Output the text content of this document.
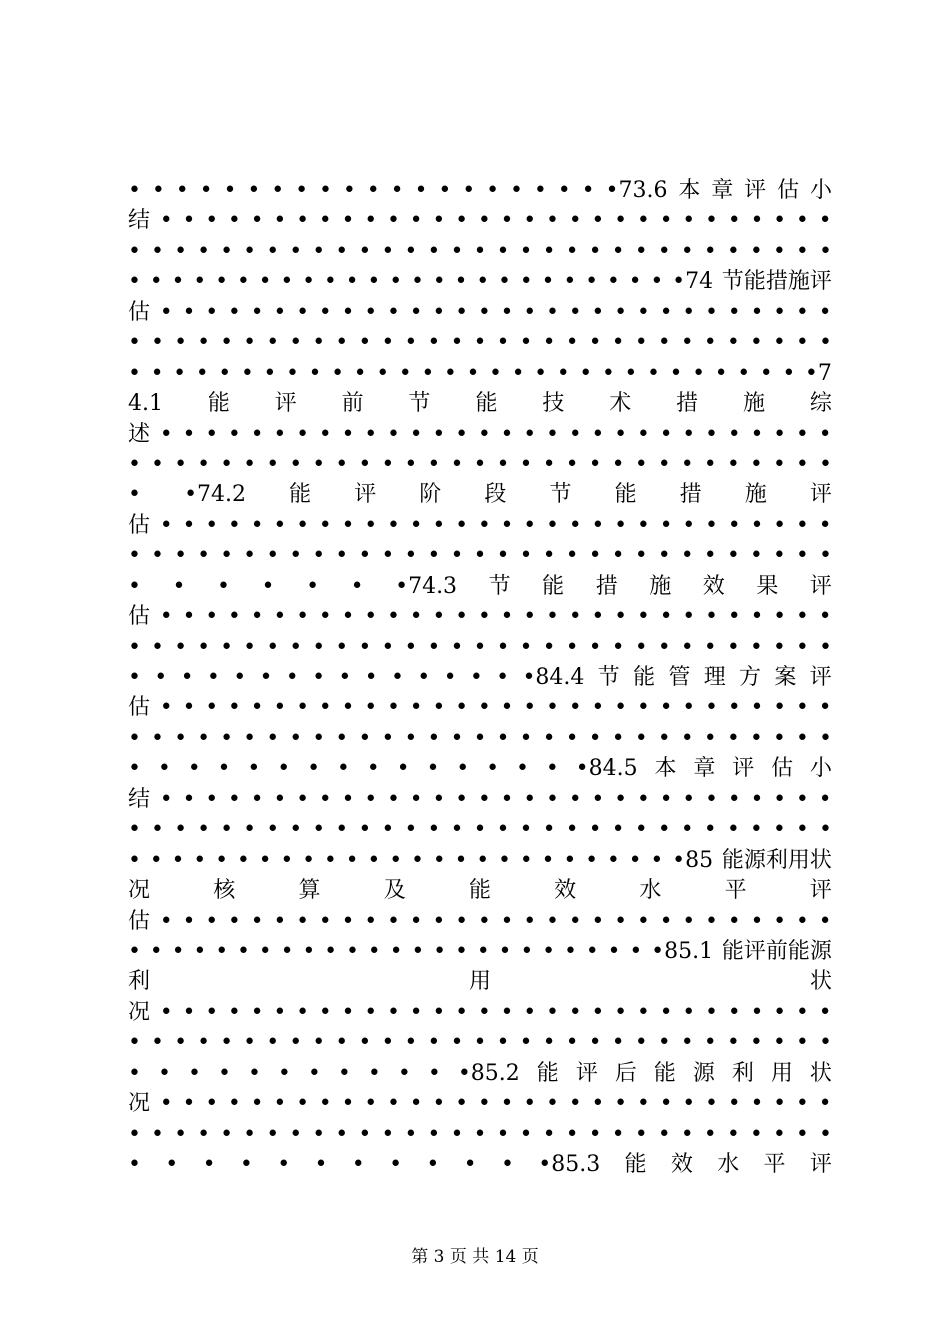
• • • • • • • • • • • • • • • • • • • • •73.6 本 章 评 估 小
结 • • • • • • • • • • • • • • • • • • • • • • • • • • • • • •
• • • • • • • • • • • • • • • • • • • • • • • • • • • • • • •
• • • • • • • • • • • • • • • • • • • • • • • • • •74 节能措施评
估 • • • • • • • • • • • • • • • • • • • • • • • • • • • • • •
• • • • • • • • • • • • • • • • • • • • • • • • • • • • • • •
• • • • • • • • • • • • • • • • • • • • • • • • • • • • • • •7
4.1 能 评 前 节 能 技 术 措 施 综
述 • • • • • • • • • • • • • • • • • • • • • • • • • • • • • •
• • • • • • • • • • • • • • • • • • • • • • • • • • • • • • •
• •74.2 能 评 阶 段 节 能 措 施 评
估 • • • • • • • • • • • • • • • • • • • • • • • • • • • • • •
• • • • • • • • • • • • • • • • • • • • • • • • • • • • • • •
• • • • • • •74.3 节 能 措 施 效 果 评
估 • • • • • • • • • • • • • • • • • • • • • • • • • • • • • •
• • • • • • • • • • • • • • • • • • • • • • • • • • • • • • •
• • • • • • • • • • • • • • • •84.4 节 能 管 理 方 案 评
估 • • • • • • • • • • • • • • • • • • • • • • • • • • • • • •
• • • • • • • • • • • • • • • • • • • • • • • • • • • • • • •
• • • • • • • • • • • • • • • •84.5 本 章 评 估 小
结 • • • • • • • • • • • • • • • • • • • • • • • • • • • • • •
• • • • • • • • • • • • • • • • • • • • • • • • • • • • • • •
• • • • • • • • • • • • • • • • • • • • • • • • • •85 能源利用状
况	核	算	及	能	效	水	平	评
估 • • • • • • • • • • • • • • • • • • • • • • • • • • • • • •
• • • • • • • • • • • • • • • • • • • • • • • • •85.1 能评前能源
利	用	状
况 • • • • • • • • • • • • • • • • • • • • • • • • • • • • • •
• • • • • • • • • • • • • • • • • • • • • • • • • • • • • • •
• • • • • • • • • • • •85.2 能 评 后 能 源 利 用 状
况 • • • • • • • • • • • • • • • • • • • • • • • • • • • • • •
• • • • • • • • • • • • • • • • • • • • • • • • • • • • • • •
• • • • • • • • • • • •85.3 能 效 水 平 评
第 3 页 共 14 页
